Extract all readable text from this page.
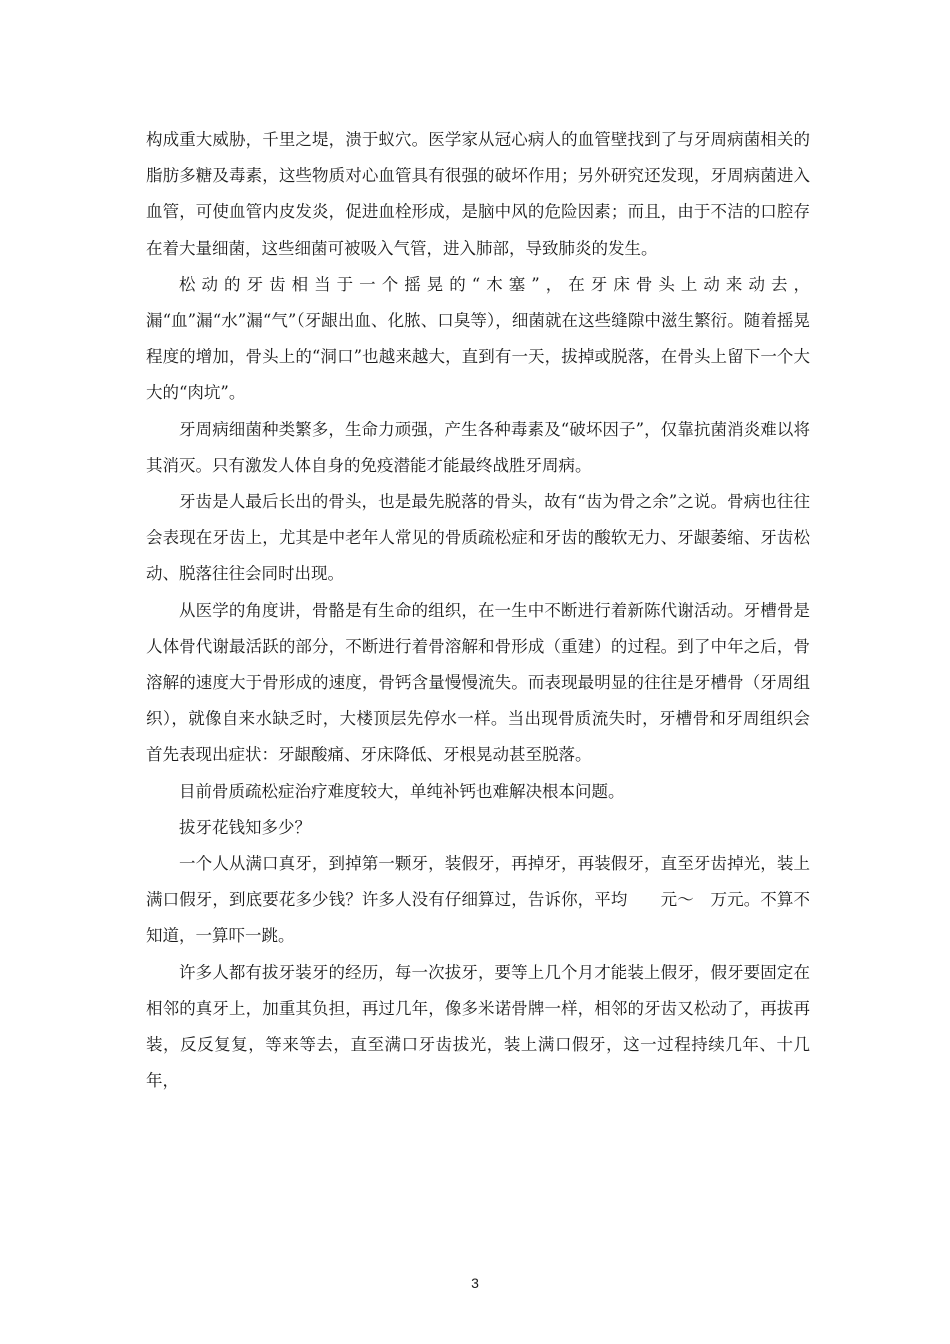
构成重大威胁，千里之堤，溃于蚁穴。医学家从冠心病人的血管壁找到了与牙周病菌相关的脂肪多糖及毒素，这些物质对心血管具有很强的破坏作用；另外研究还发现，牙周病菌进入血管，可使血管内皮发炎，促进血栓形成，是脑中风的危险因素；而且，由于不洁的口腔存在着大量细菌，这些细菌可被吸入气管，进入肺部，导致肺炎的发生。

松动的牙齿相当于一个摇晃的“木塞”，在牙床骨头上动来动去，漏“血”漏“水”漏“气”（牙龈出血、化脓、口臭等），细菌就在这些缝隙中滋生繁衍。随着摇晃程度的增加，骨头上的“洞口”也越来越大，直到有一天，拔掉或脱落，在骨头上留下一个大大的“肉坑”。

牙周病细菌种类繁多，生命力顽强，产生各种毒素及“破坏因子”，仅靠抗菌消炎难以将其消灭。只有激发人体自身的免疫潜能才能最终战胜牙周病。

牙齿是人最后长出的骨头，也是最先脱落的骨头，故有“齿为骨之余”之说。骨病也往往会表现在牙齿上，尤其是中老年人常见的骨质疏松症和牙齿的酸软无力、牙龈萎缩、牙齿松动、脱落往往会同时出现。

从医学的角度讲，骨骼是有生命的组织，在一生中不断进行着新陈代谢活动。牙槽骨是人体骨代谢最活跃的部分，不断进行着骨溶解和骨形成（重建）的过程。到了中年之后，骨溶解的速度大于骨形成的速度，骨钙含量慢慢流失。而表现最明显的往往是牙槽骨（牙周组织），就像自来水缺乏时，大楼顶层先停水一样。当出现骨质流失时，牙槽骨和牙周组织会首先表现出症状：牙龈酸痛、牙床降低、牙根晃动甚至脱落。

目前骨质疏松症治疗难度较大，单纯补钙也难解决根本问题。

拔牙花钱知多少？

一个人从满口真牙，到掉第一颗牙，装假牙，再掉牙，再装假牙，直至牙齿掉光，装上满口假牙，到底要花多少钱？许多人没有仔细算过，告诉你，平均　　元～　万元。不算不知道，一算吓一跳。

许多人都有拔牙装牙的经历，每一次拔牙，要等上几个月才能装上假牙，假牙要固定在相邻的真牙上，加重其负担，再过几年，像多米诺骨牌一样，相邻的牙齿又松动了，再拔再装，反反复复，等来等去，直至满口牙齿拔光，装上满口假牙，这一过程持续几年、十几年，

3
